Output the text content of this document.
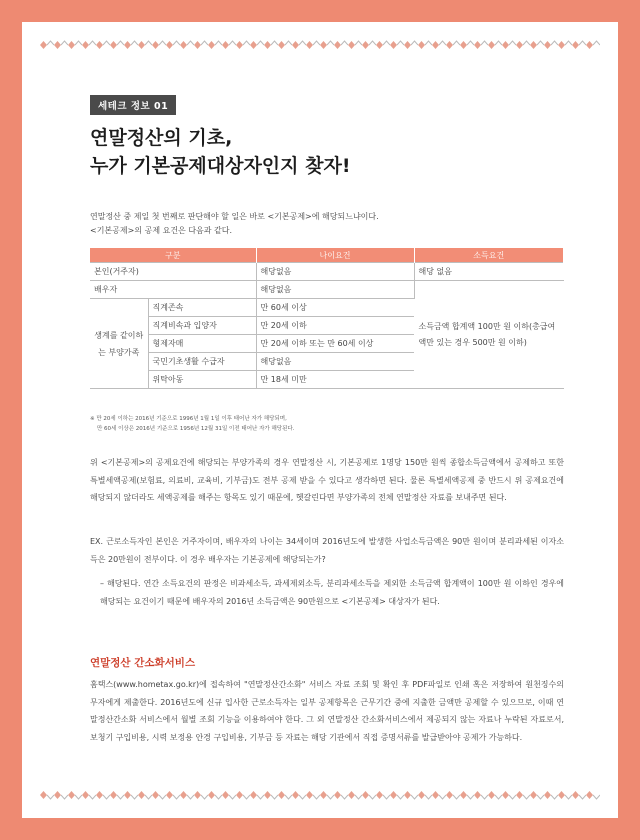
세테크 정보 01
연말정산의 기초,
누가 기본공제대상자인지 찾자!
연말정산 중 제일 첫 번째로 판단해야 할 일은 바로 <기본공제>에 해당되느냐이다.
<기본공제>의 공제 요건은 다음과 같다.
구분		나이요건	소득요건
본인(거주자)		해당없음	해당 없음
배우자		해당없음	소득금액 합계액 100만 원 이하(총급여액만 있는 경우 500만 원 이하)
생계를 같이하는 부양가족	직계존속	만 60세 이상	
	직계비속과 입양자	만 20세 이하	
	형제자매	만 20세 이하 또는 만 60세 이상	
	국민기초생활 수급자	해당없음	
	위탁아동	만 18세 미만	
※ 만 20세 이하는 2016년 기준으로 1996년 1월 1일 이후 태어난 자가 해당되며,
만 60세 이상은 2016년 기준으로 1956년 12월 31일 이전 태어난 자가 해당된다.
위 <기본공제>의 공제요건에 해당되는 부양가족의 경우 연말정산 시, 기본공제로 1명당 150만 원씩 종합소득금액에서 공제하고 또한 특별세액공제(보험료, 의료비, 교육비, 기부금)도 전부 공제 받을 수 있다고 생각하면 된다. 물론 특별세액공제 중 반드시 위 공제요건에 해당되지 않더라도 세액공제를 해주는 항목도 있기 때문에, 헷갈린다면 부양가족의 전체 연말정산 자료를 보내주면 된다.
EX. 근로소득자인 본인은 거주자이며, 배우자의 나이는 34세이며 2016년도에 발생한 사업소득금액은 90만 원이며 분리과세된 이자소득은 20만원이 전부이다. 이 경우 배우자는 기본공제에 해당되는가?
– 해당된다. 연간 소득요건의 판정은 비과세소득, 과세제외소득, 분리과세소득을 제외한 소득금액 합계액이 100만 원 이하인 경우에 해당되는 요건이기 때문에 배우자의 2016년 소득금액은 90만원으로 <기본공제> 대상자가 된다.
연말정산 간소화서비스
홈택스(www.hometax.go.kr)에 접속하여 "연말정산간소화" 서비스 자료 조회 및 확인 후 PDF파일로 인쇄 혹은 저장하여 원천징수의무자에게 제출한다. 2016년도에 신규 입사한 근로소득자는 일부 공제항목은 근무기간 중에 지출한 금액만 공제할 수 있으므로, 이때 연말정산간소화 서비스에서 월별 조회 기능을 이용하여야 한다. 그 외 연말정산 간소화서비스에서 제공되지 않는 자료나 누락된 자료로서, 보청기 구입비용, 시력 보정용 안경 구입비용, 기부금 등 자료는 해당 기관에서 직접 증명서류를 발급받아야 공제가 가능하다.
